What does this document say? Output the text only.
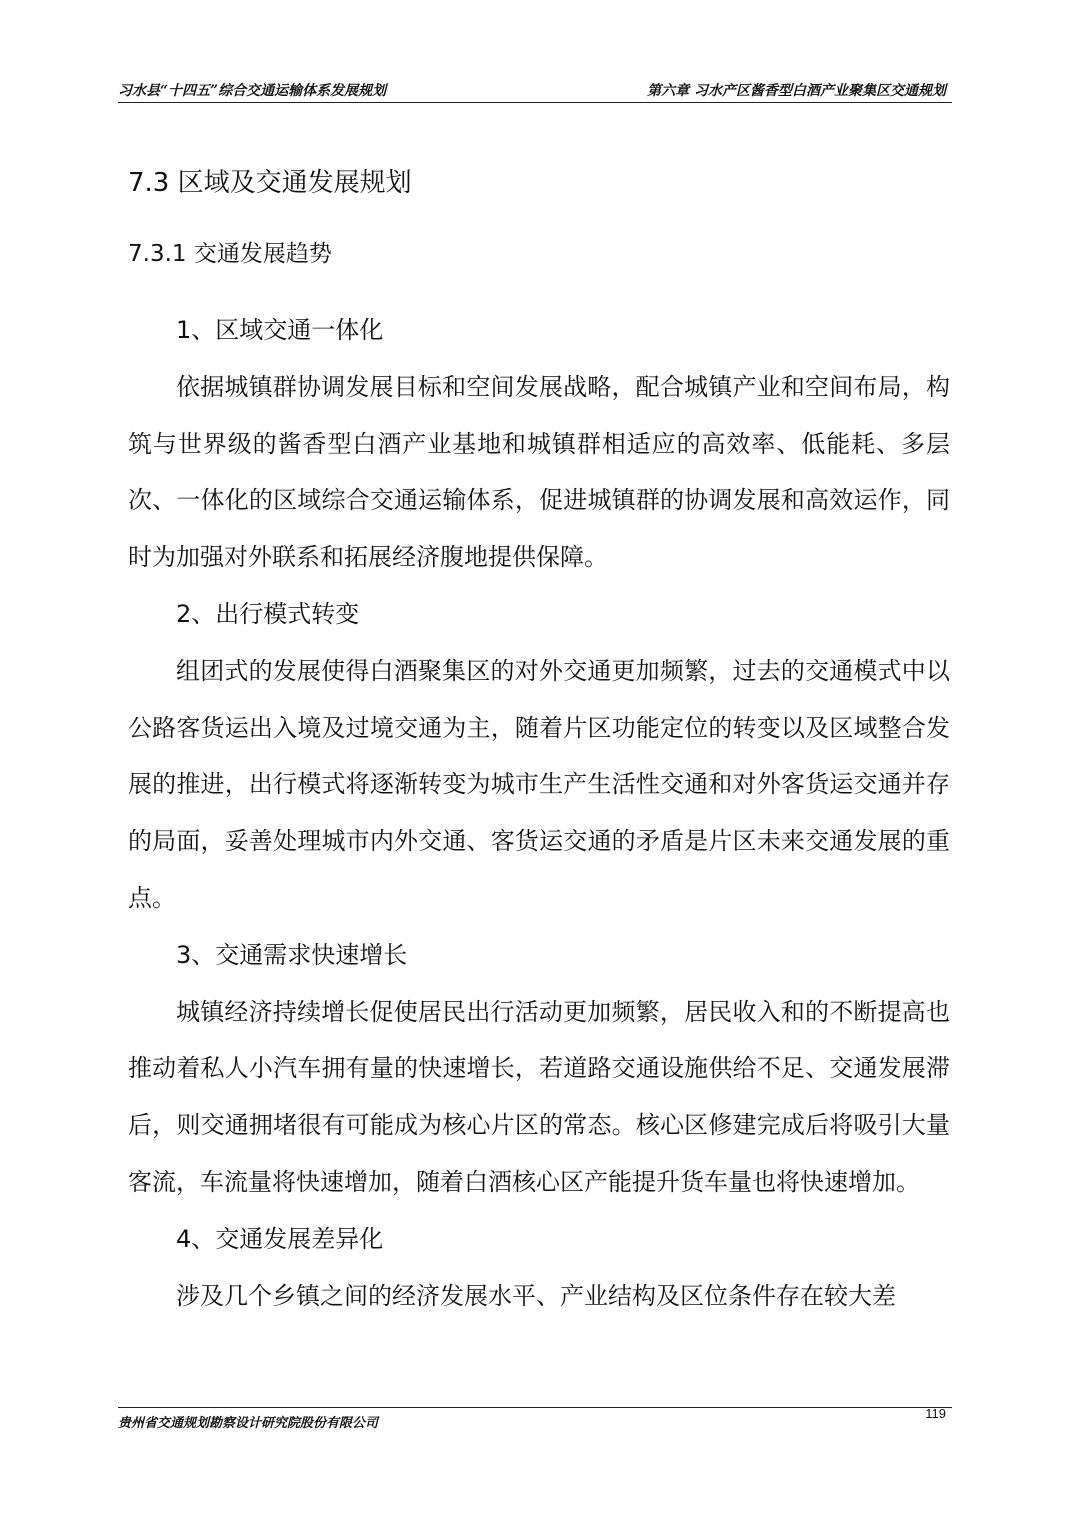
习水县“十四五”综合交通运输体系发展规划	第六章 习水产区酱香型白酒产业聚集区交通规划
7.3 区域及交通发展规划
7.3.1 交通发展趋势

1、区域交通一体化

依据城镇群协调发展目标和空间发展战略，配合城镇产业和空间布局，构筑与世界级的酱香型白酒产业基地和城镇群相适应的高效率、低能耗、多层次、一体化的区域综合交通运输体系，促进城镇群的协调发展和高效运作，同时为加强对外联系和拓展经济腹地提供保障。

2、出行模式转变

组团式的发展使得白酒聚集区的对外交通更加频繁，过去的交通模式中以公路客货运出入境及过境交通为主，随着片区功能定位的转变以及区域整合发展的推进，出行模式将逐渐转变为城市生产生活性交通和对外客货运交通并存的局面，妥善处理城市内外交通、客货运交通的矛盾是片区未来交通发展的重点。

3、交通需求快速增长

城镇经济持续增长促使居民出行活动更加频繁，居民收入和的不断提高也推动着私人小汽车拥有量的快速增长，若道路交通设施供给不足、交通发展滞后，则交通拥堵很有可能成为核心片区的常态。核心区修建完成后将吸引大量客流，车流量将快速增加，随着白酒核心区产能提升货车量也将快速增加。

4、交通发展差异化

涉及几个乡镇之间的经济发展水平、产业结构及区位条件存在较大差

贵州省交通规划勘察设计研究院股份有限公司
119
